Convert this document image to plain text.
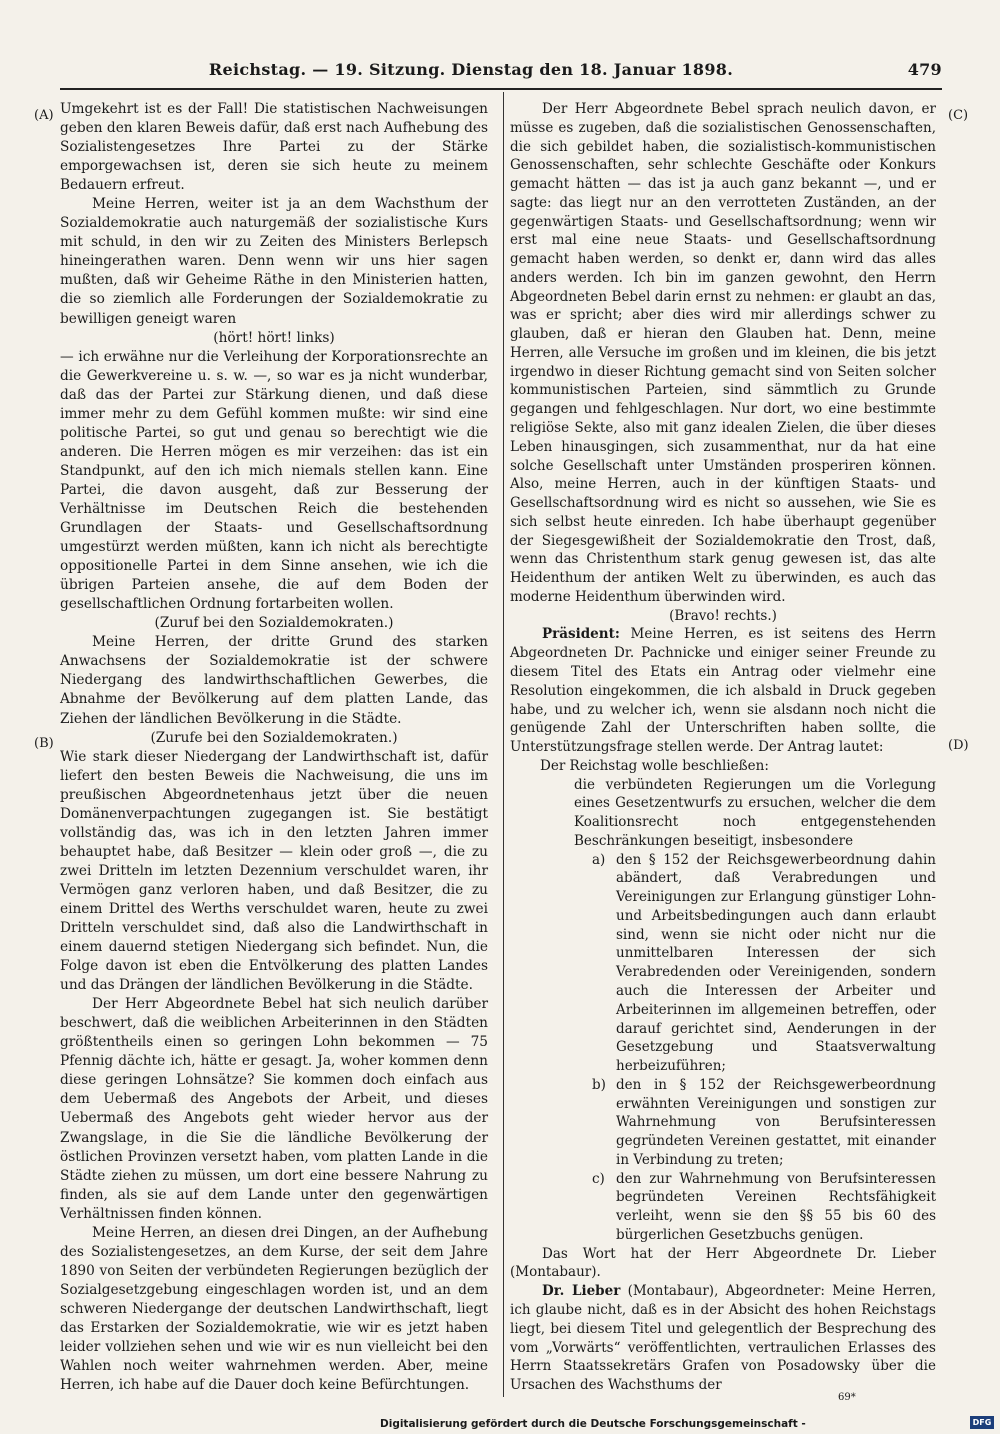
Reichstag. — 19. Sitzung. Dienstag den 18. Januar 1898.	479
(A)
(B)
(C)
(D)

Umgekehrt ist es der Fall! Die statistischen Nachweisungen geben den klaren Beweis dafür, daß erst nach Aufhebung des Sozialistengesetzes Ihre Partei zu der Stärke emporgewachsen ist, deren sie sich heute zu meinem Bedauern erfreut.

Meine Herren, weiter ist ja an dem Wachsthum der Sozialdemokratie auch naturgemäß der sozialistische Kurs mit schuld, in den wir zu Zeiten des Ministers Berlepsch hineingerathen waren. Denn wenn wir uns hier sagen mußten, daß wir Geheime Räthe in den Ministerien hatten, die so ziemlich alle Forderungen der Sozialdemokratie zu bewilligen geneigt waren

(hört! hört! links)

— ich erwähne nur die Verleihung der Korporationsrechte an die Gewerkvereine u. s. w. —, so war es ja nicht wunderbar, daß das der Partei zur Stärkung dienen, und daß diese immer mehr zu dem Gefühl kommen mußte: wir sind eine politische Partei, so gut und genau so berechtigt wie die anderen. Die Herren mögen es mir verzeihen: das ist ein Standpunkt, auf den ich mich niemals stellen kann. Eine Partei, die davon ausgeht, daß zur Besserung der Verhältnisse im Deutschen Reich die bestehenden Grundlagen der Staats- und Gesellschaftsordnung umgestürzt werden müßten, kann ich nicht als berechtigte oppositionelle Partei in dem Sinne ansehen, wie ich die übrigen Parteien ansehe, die auf dem Boden der gesellschaftlichen Ordnung fortarbeiten wollen.

(Zuruf bei den Sozialdemokraten.)

Meine Herren, der dritte Grund des starken Anwachsens der Sozialdemokratie ist der schwere Niedergang des landwirthschaftlichen Gewerbes, die Abnahme der Bevölkerung auf dem platten Lande, das Ziehen der ländlichen Bevölkerung in die Städte.

(Zurufe bei den Sozialdemokraten.)

Wie stark dieser Niedergang der Landwirthschaft ist, dafür liefert den besten Beweis die Nachweisung, die uns im preußischen Abgeordnetenhaus jetzt über die neuen Domänenverpachtungen zugegangen ist. Sie bestätigt vollständig das, was ich in den letzten Jahren immer behauptet habe, daß Besitzer — klein oder groß —, die zu zwei Dritteln im letzten Dezennium verschuldet waren, ihr Vermögen ganz verloren haben, und daß Besitzer, die zu einem Drittel des Werths verschuldet waren, heute zu zwei Dritteln verschuldet sind, daß also die Landwirthschaft in einem dauernd stetigen Niedergang sich befindet. Nun, die Folge davon ist eben die Entvölkerung des platten Landes und das Drängen der ländlichen Bevölkerung in die Städte.

Der Herr Abgeordnete Bebel hat sich neulich darüber beschwert, daß die weiblichen Arbeiterinnen in den Städten größtentheils einen so geringen Lohn bekommen — 75 Pfennig dächte ich, hätte er gesagt. Ja, woher kommen denn diese geringen Lohnsätze? Sie kommen doch einfach aus dem Uebermaß des Angebots der Arbeit, und dieses Uebermaß des Angebots geht wieder hervor aus der Zwangslage, in die Sie die ländliche Bevölkerung der östlichen Provinzen versetzt haben, vom platten Lande in die Städte ziehen zu müssen, um dort eine bessere Nahrung zu finden, als sie auf dem Lande unter den gegenwärtigen Verhältnissen finden können.

Meine Herren, an diesen drei Dingen, an der Aufhebung des Sozialistengesetzes, an dem Kurse, der seit dem Jahre 1890 von Seiten der verbündeten Regierungen bezüglich der Sozialgesetzgebung eingeschlagen worden ist, und an dem schweren Niedergange der deutschen Landwirthschaft, liegt das Erstarken der Sozialdemokratie, wie wir es jetzt haben leider vollziehen sehen und wie wir es nun vielleicht bei den Wahlen noch weiter wahrnehmen werden. Aber, meine Herren, ich habe auf die Dauer doch keine Befürchtungen.

Der Herr Abgeordnete Bebel sprach neulich davon, er müsse es zugeben, daß die sozialistischen Genossenschaften, die sich gebildet haben, die sozialistisch-kommunistischen Genossenschaften, sehr schlechte Geschäfte oder Konkurs gemacht hätten — das ist ja auch ganz bekannt —, und er sagte: das liegt nur an den verrotteten Zuständen, an der gegenwärtigen Staats- und Gesellschaftsordnung; wenn wir erst mal eine neue Staats- und Gesellschaftsordnung gemacht haben werden, so denkt er, dann wird das alles anders werden. Ich bin im ganzen gewohnt, den Herrn Abgeordneten Bebel darin ernst zu nehmen: er glaubt an das, was er spricht; aber dies wird mir allerdings schwer zu glauben, daß er hieran den Glauben hat. Denn, meine Herren, alle Versuche im großen und im kleinen, die bis jetzt irgendwo in dieser Richtung gemacht sind von Seiten solcher kommunistischen Parteien, sind sämmtlich zu Grunde gegangen und fehlgeschlagen. Nur dort, wo eine bestimmte religiöse Sekte, also mit ganz idealen Zielen, die über dieses Leben hinausgingen, sich zusammenthat, nur da hat eine solche Gesellschaft unter Umständen prosperiren können. Also, meine Herren, auch in der künftigen Staats- und Gesellschaftsordnung wird es nicht so aussehen, wie Sie es sich selbst heute einreden. Ich habe überhaupt gegenüber der Siegesgewißheit der Sozialdemokratie den Trost, daß, wenn das Christenthum stark genug gewesen ist, das alte Heidenthum der antiken Welt zu überwinden, es auch das moderne Heidenthum überwinden wird.

(Bravo! rechts.)

Präsident: Meine Herren, es ist seitens des Herrn Abgeordneten Dr. Pachnicke und einiger seiner Freunde zu diesem Titel des Etats ein Antrag oder vielmehr eine Resolution eingekommen, die ich alsbald in Druck gegeben habe, und zu welcher ich, wenn sie alsdann noch nicht die genügende Zahl der Unterschriften haben sollte, die Unterstützungsfrage stellen werde. Der Antrag lautet:

Der Reichstag wolle beschließen:

die verbündeten Regierungen um die Vorlegung eines Gesetzentwurfs zu ersuchen, welcher die dem Koalitionsrecht noch entgegenstehenden Beschränkungen beseitigt, insbesondere

a) den § 152 der Reichsgewerbeordnung dahin abändert, daß Verabredungen und Vereinigungen zur Erlangung günstiger Lohn- und Arbeitsbedingungen auch dann erlaubt sind, wenn sie nicht oder nicht nur die unmittelbaren Interessen der sich Verabredenden oder Vereinigenden, sondern auch die Interessen der Arbeiter und Arbeiterinnen im allgemeinen betreffen, oder darauf gerichtet sind, Aenderungen in der Gesetzgebung und Staatsverwaltung herbeizuführen;

b) den in § 152 der Reichsgewerbeordnung erwähnten Vereinigungen und sonstigen zur Wahrnehmung von Berufsinteressen gegründeten Vereinen gestattet, mit einander in Verbindung zu treten;

c) den zur Wahrnehmung von Berufsinteressen begründeten Vereinen Rechtsfähigkeit verleiht, wenn sie den §§ 55 bis 60 des bürgerlichen Gesetzbuchs genügen.

Das Wort hat der Herr Abgeordnete Dr. Lieber (Montabaur).

Dr. Lieber (Montabaur), Abgeordneter: Meine Herren, ich glaube nicht, daß es in der Absicht des hohen Reichstags liegt, bei diesem Titel und gelegentlich der Besprechung des vom „Vorwärts“ veröffentlichten, vertraulichen Erlasses des Herrn Staatssekretärs Grafen von Posadowsky über die Ursachen des Wachsthums der

69*
Digitalisierung gefördert durch die Deutsche Forschungsgemeinschaft -	DFG
